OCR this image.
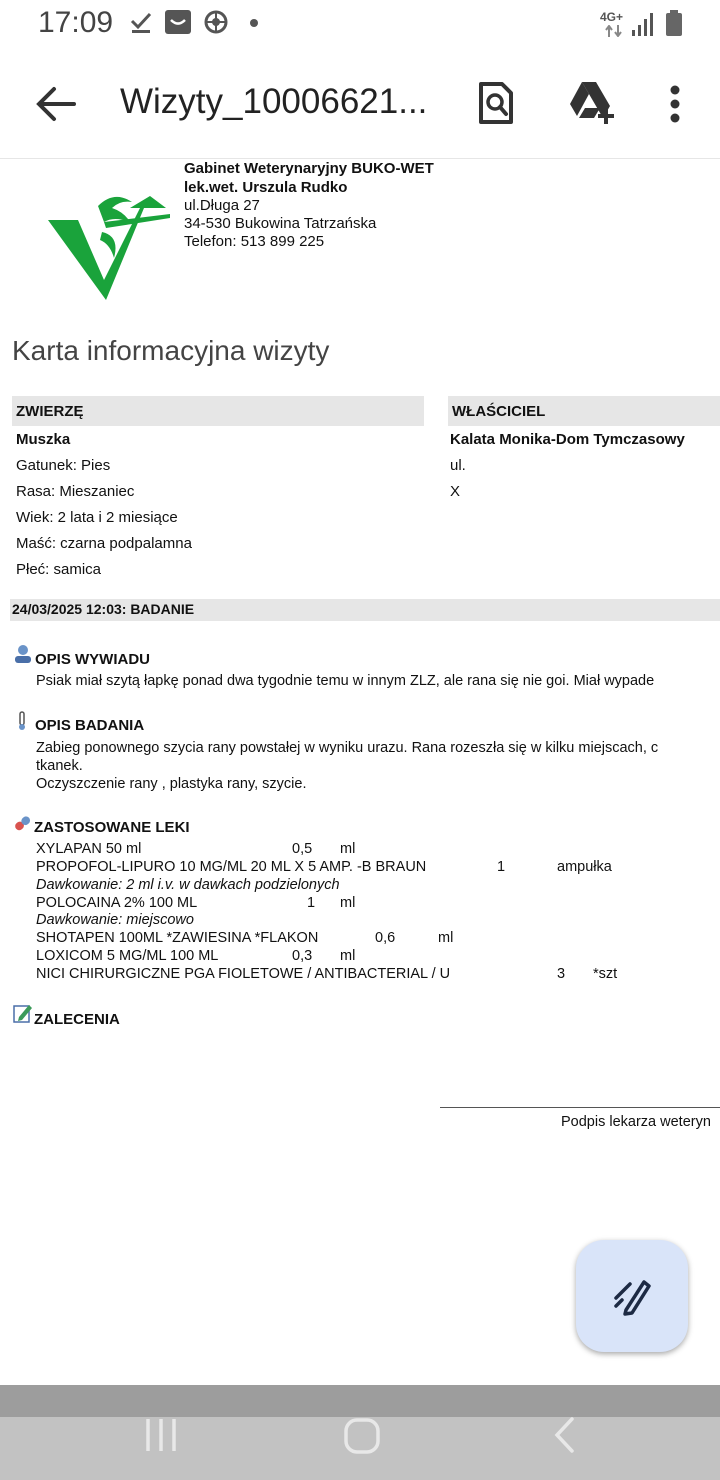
17:09	4G+
Wizyty_10006621...
Gabinet Weterynaryjny BUKO-WET
lek.wet. Urszula Rudko
ul.Długa 27
34-530 Bukowina Tatrzańska
Telefon: 513 899 225
Karta informacyjna wizyty
ZWIERZĘ	WŁAŚCICIEL
Muszka
Gatunek: Pies
Rasa: Mieszaniec
Wiek: 2 lata i 2 miesiące
Maść: czarna podpalamna
Płeć: samica
Kalata Monika-Dom Tymczasowy
ul.
X
24/03/2025 12:03: BADANIE
OPIS WYWIADU
Psiak miał szytą łapkę ponad dwa tygodnie temu w innym ZLZ, ale rana się nie goi. Miał wypade
OPIS BADANIA
Zabieg ponownego szycia rany powstałej w wyniku urazu. Rana rozeszła się w kilku miejscach, c
tkanek.
Oczyszczenie rany , plastyka rany, szycie.
ZASTOSOWANE LEKI
XYLAPAN 50 ml	0,5 ml
PROPOFOL-LIPURO 10 MG/ML 20 ML X 5 AMP. -B BRAUN	1	ampułka
Dawkowanie: 2 ml i.v. w dawkach podzielonych
POLOCAINA 2% 100 ML	1 ml
Dawkowanie: miejscowo
SHOTAPEN 100ML *ZAWIESINA *FLAKON	0,6	ml
LOXICOM 5 MG/ML 100 ML	0,3 ml
NICI CHIRURGICZNE PGA FIOLETOWE / ANTIBACTERIAL / U	3 *szt
ZALECENIA
Podpis lekarza weteryn
